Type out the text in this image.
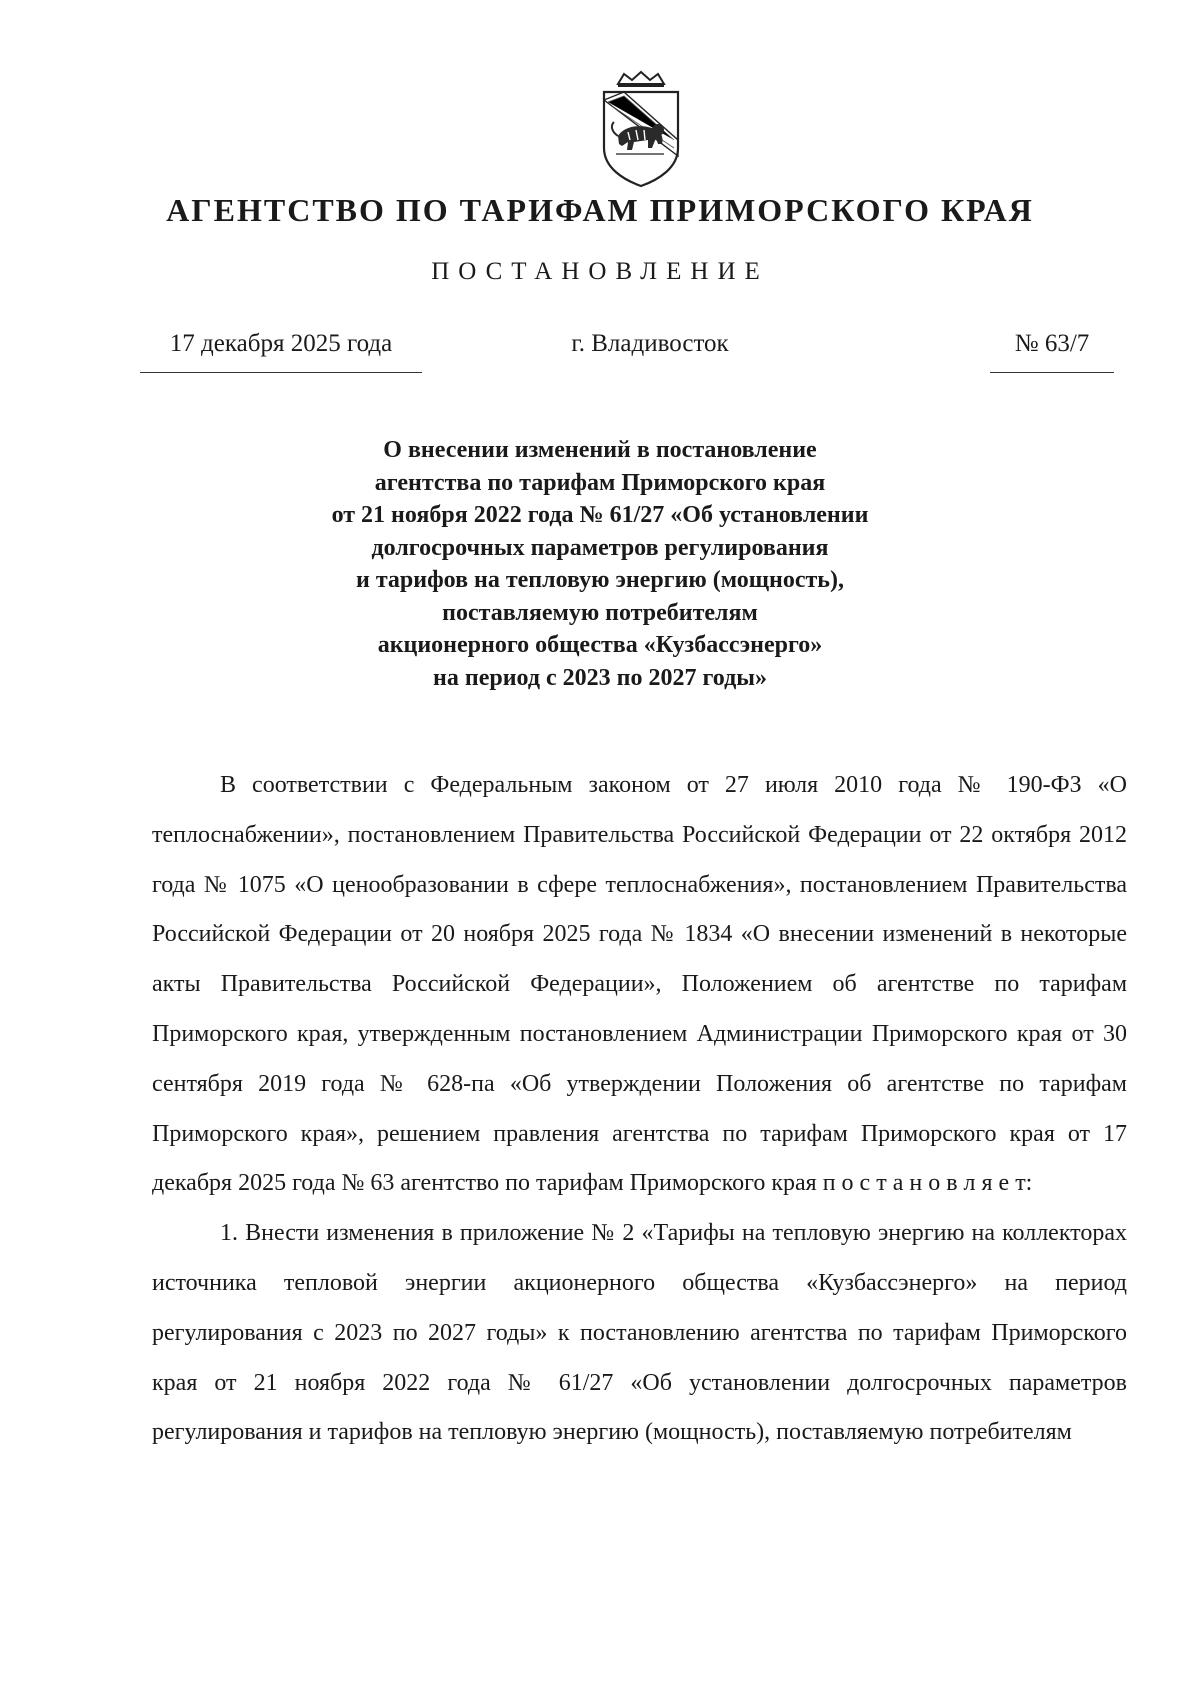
АГЕНТСТВО ПО ТАРИФАМ ПРИМОРСКОГО КРАЯ
ПОСТАНОВЛЕНИЕ
17 декабря 2025 года	г. Владивосток	№ 63/7
О внесении изменений в постановление
агентства по тарифам Приморского края
от 21 ноября 2022 года № 61/27 «Об установлении
долгосрочных параметров регулирования
и тарифов на тепловую энергию (мощность),
поставляемую потребителям
акционерного общества «Кузбассэнерго»
на период с 2023 по 2027 годы»

В соответствии с Федеральным законом от 27 июля 2010 года № 190-ФЗ «О теплоснабжении», постановлением Правительства Российской Федерации от 22 октября 2012 года № 1075 «О ценообразовании в сфере теплоснабжения», постановлением Правительства Российской Федерации от 20 ноября 2025 года № 1834 «О внесении изменений в некоторые акты Правительства Российской Федерации», Положением об агентстве по тарифам Приморского края, утвержденным постановлением Администрации Приморского края от 30 сентября 2019 года № 628-па «Об утверждении Положения об агентстве по тарифам Приморского края», решением правления агентства по тарифам Приморского края от 17 декабря 2025 года № 63 агентство по тарифам Приморского края п о с т а н о в л я е т:

1. Внести изменения в приложение № 2 «Тарифы на тепловую энергию на коллекторах источника тепловой энергии акционерного общества «Кузбассэнерго» на период регулирования с 2023 по 2027 годы» к постановлению агентства по тарифам Приморского края от 21 ноября 2022 года № 61/27 «Об установлении долгосрочных параметров регулирования и тарифов на тепловую энергию (мощность), поставляемую потребителям
